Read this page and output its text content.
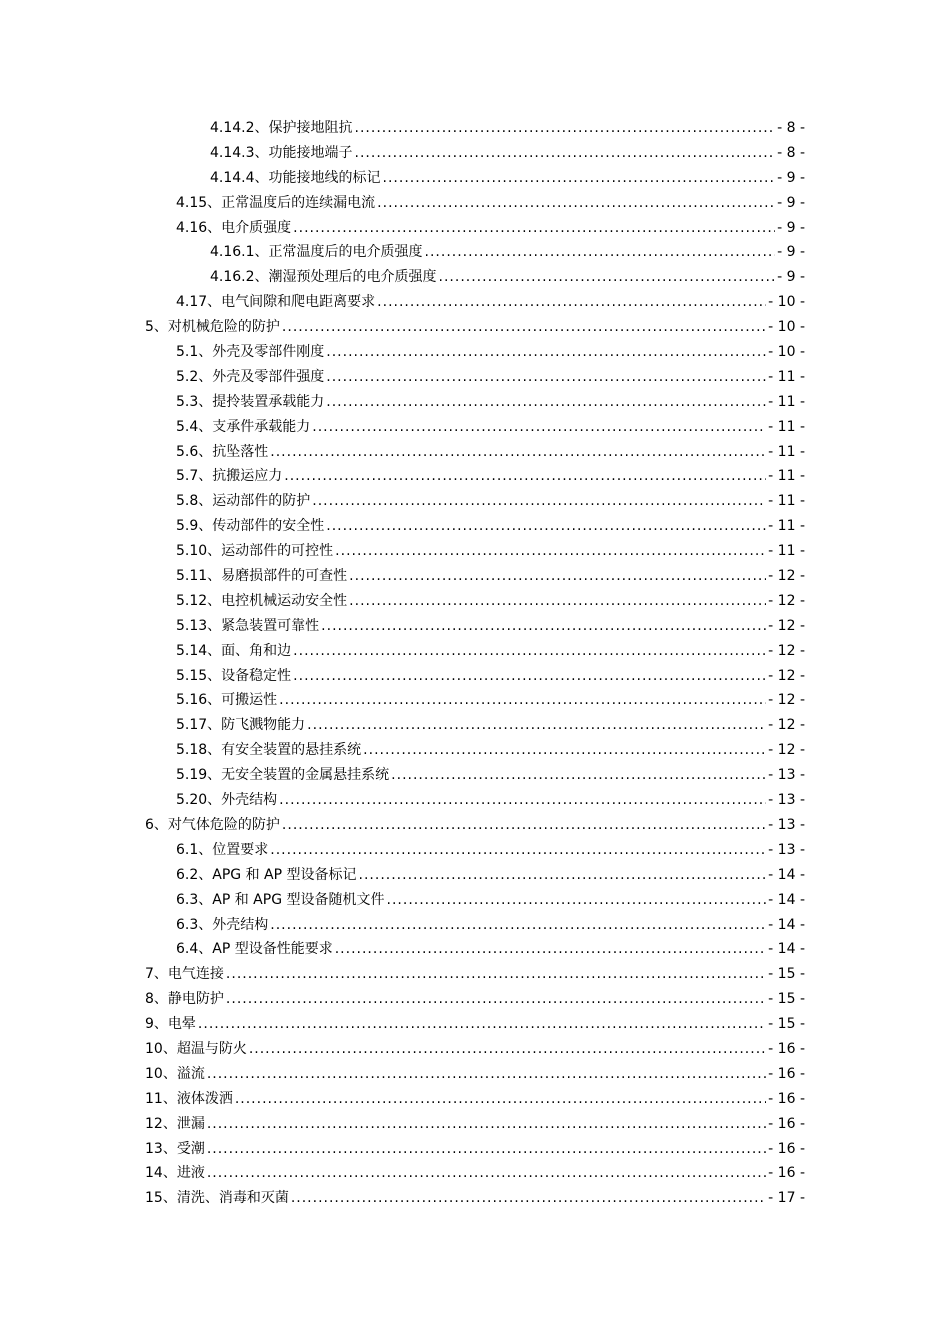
4.14.2、保护接地阻抗 .....	- 8 -
4.14.3、功能接地端子 .....	- 8 -
4.14.4、功能接地线的标记 .....	- 9 -
4.15、正常温度后的连续漏电流 .....	- 9 -
4.16、电介质强度 .....	- 9 -
4.16.1、正常温度后的电介质强度 .....	- 9 -
4.16.2、潮湿预处理后的电介质强度 .....	- 9 -
4.17、电气间隙和爬电距离要求 .....	- 10 -
5、对机械危险的防护 .....	- 10 -
5.1、外壳及零部件刚度 .....	- 10 -
5.2、外壳及零部件强度 .....	- 11 -
5.3、提拎装置承载能力 .....	- 11 -
5.4、支承件承载能力 .....	- 11 -
5.6、抗坠落性 .....	- 11 -
5.7、抗搬运应力 .....	- 11 -
5.8、运动部件的防护 .....	- 11 -
5.9、传动部件的安全性 .....	- 11 -
5.10、运动部件的可控性 .....	- 11 -
5.11、易磨损部件的可查性 .....	- 12 -
5.12、电控机械运动安全性 .....	- 12 -
5.13、紧急装置可靠性 .....	- 12 -
5.14、面、角和边 .....	- 12 -
5.15、设备稳定性 .....	- 12 -
5.16、可搬运性 .....	- 12 -
5.17、防飞溅物能力 .....	- 12 -
5.18、有安全装置的悬挂系统 .....	- 12 -
5.19、无安全装置的金属悬挂系统 .....	- 13 -
5.20、外壳结构 .....	- 13 -
6、对气体危险的防护 .....	- 13 -
6.1、位置要求 .....	- 13 -
6.2、APG 和 AP 型设备标记 .....	- 14 -
6.3、AP 和 APG 型设备随机文件 .....	- 14 -
6.3、外壳结构 .....	- 14 -
6.4、AP 型设备性能要求 .....	- 14 -
7、电气连接 .....	- 15 -
8、静电防护 .....	- 15 -
9、电晕 .....	- 15 -
10、超温与防火 .....	- 16 -
10、溢流 .....	- 16 -
11、液体泼洒 .....	- 16 -
12、泄漏 .....	- 16 -
13、受潮 .....	- 16 -
14、进液 .....	- 16 -
15、清洗、消毒和灭菌 .....	- 17 -
